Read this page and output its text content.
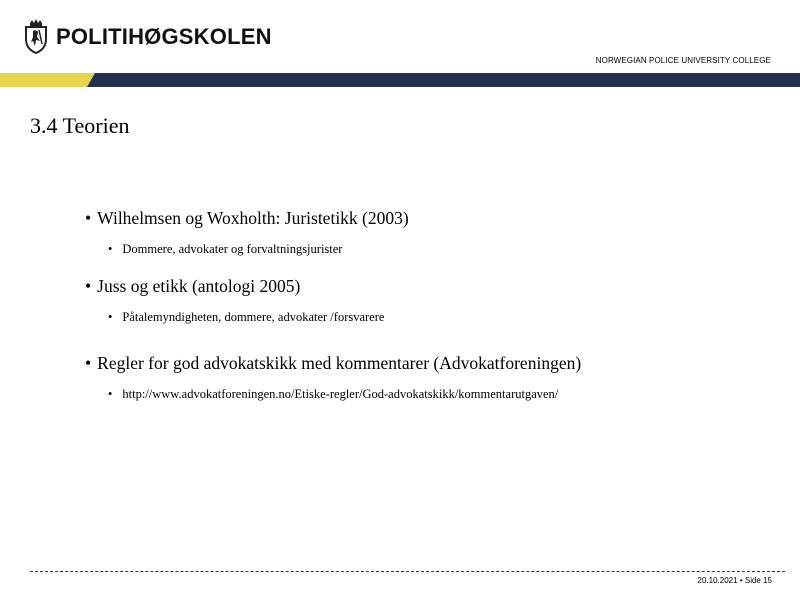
POLITIHØGSKOLEN
NORWEGIAN POLICE UNIVERSITY COLLEGE
3.4 Teorien

• Wilhelmsen og Woxholth: Juristetikk (2003)

• Dommere, advokater og forvaltningsjurister

• Juss og etikk (antologi 2005)

• Påtalemyndigheten, dommere, advokater /forsvarere

• Regler for god advokatskikk med kommentarer (Advokatforeningen)

• http://www.advokatforeningen.no/Etiske-regler/God-advokatskikk/kommentarutgaven/

20.10.2021 • Side 15
